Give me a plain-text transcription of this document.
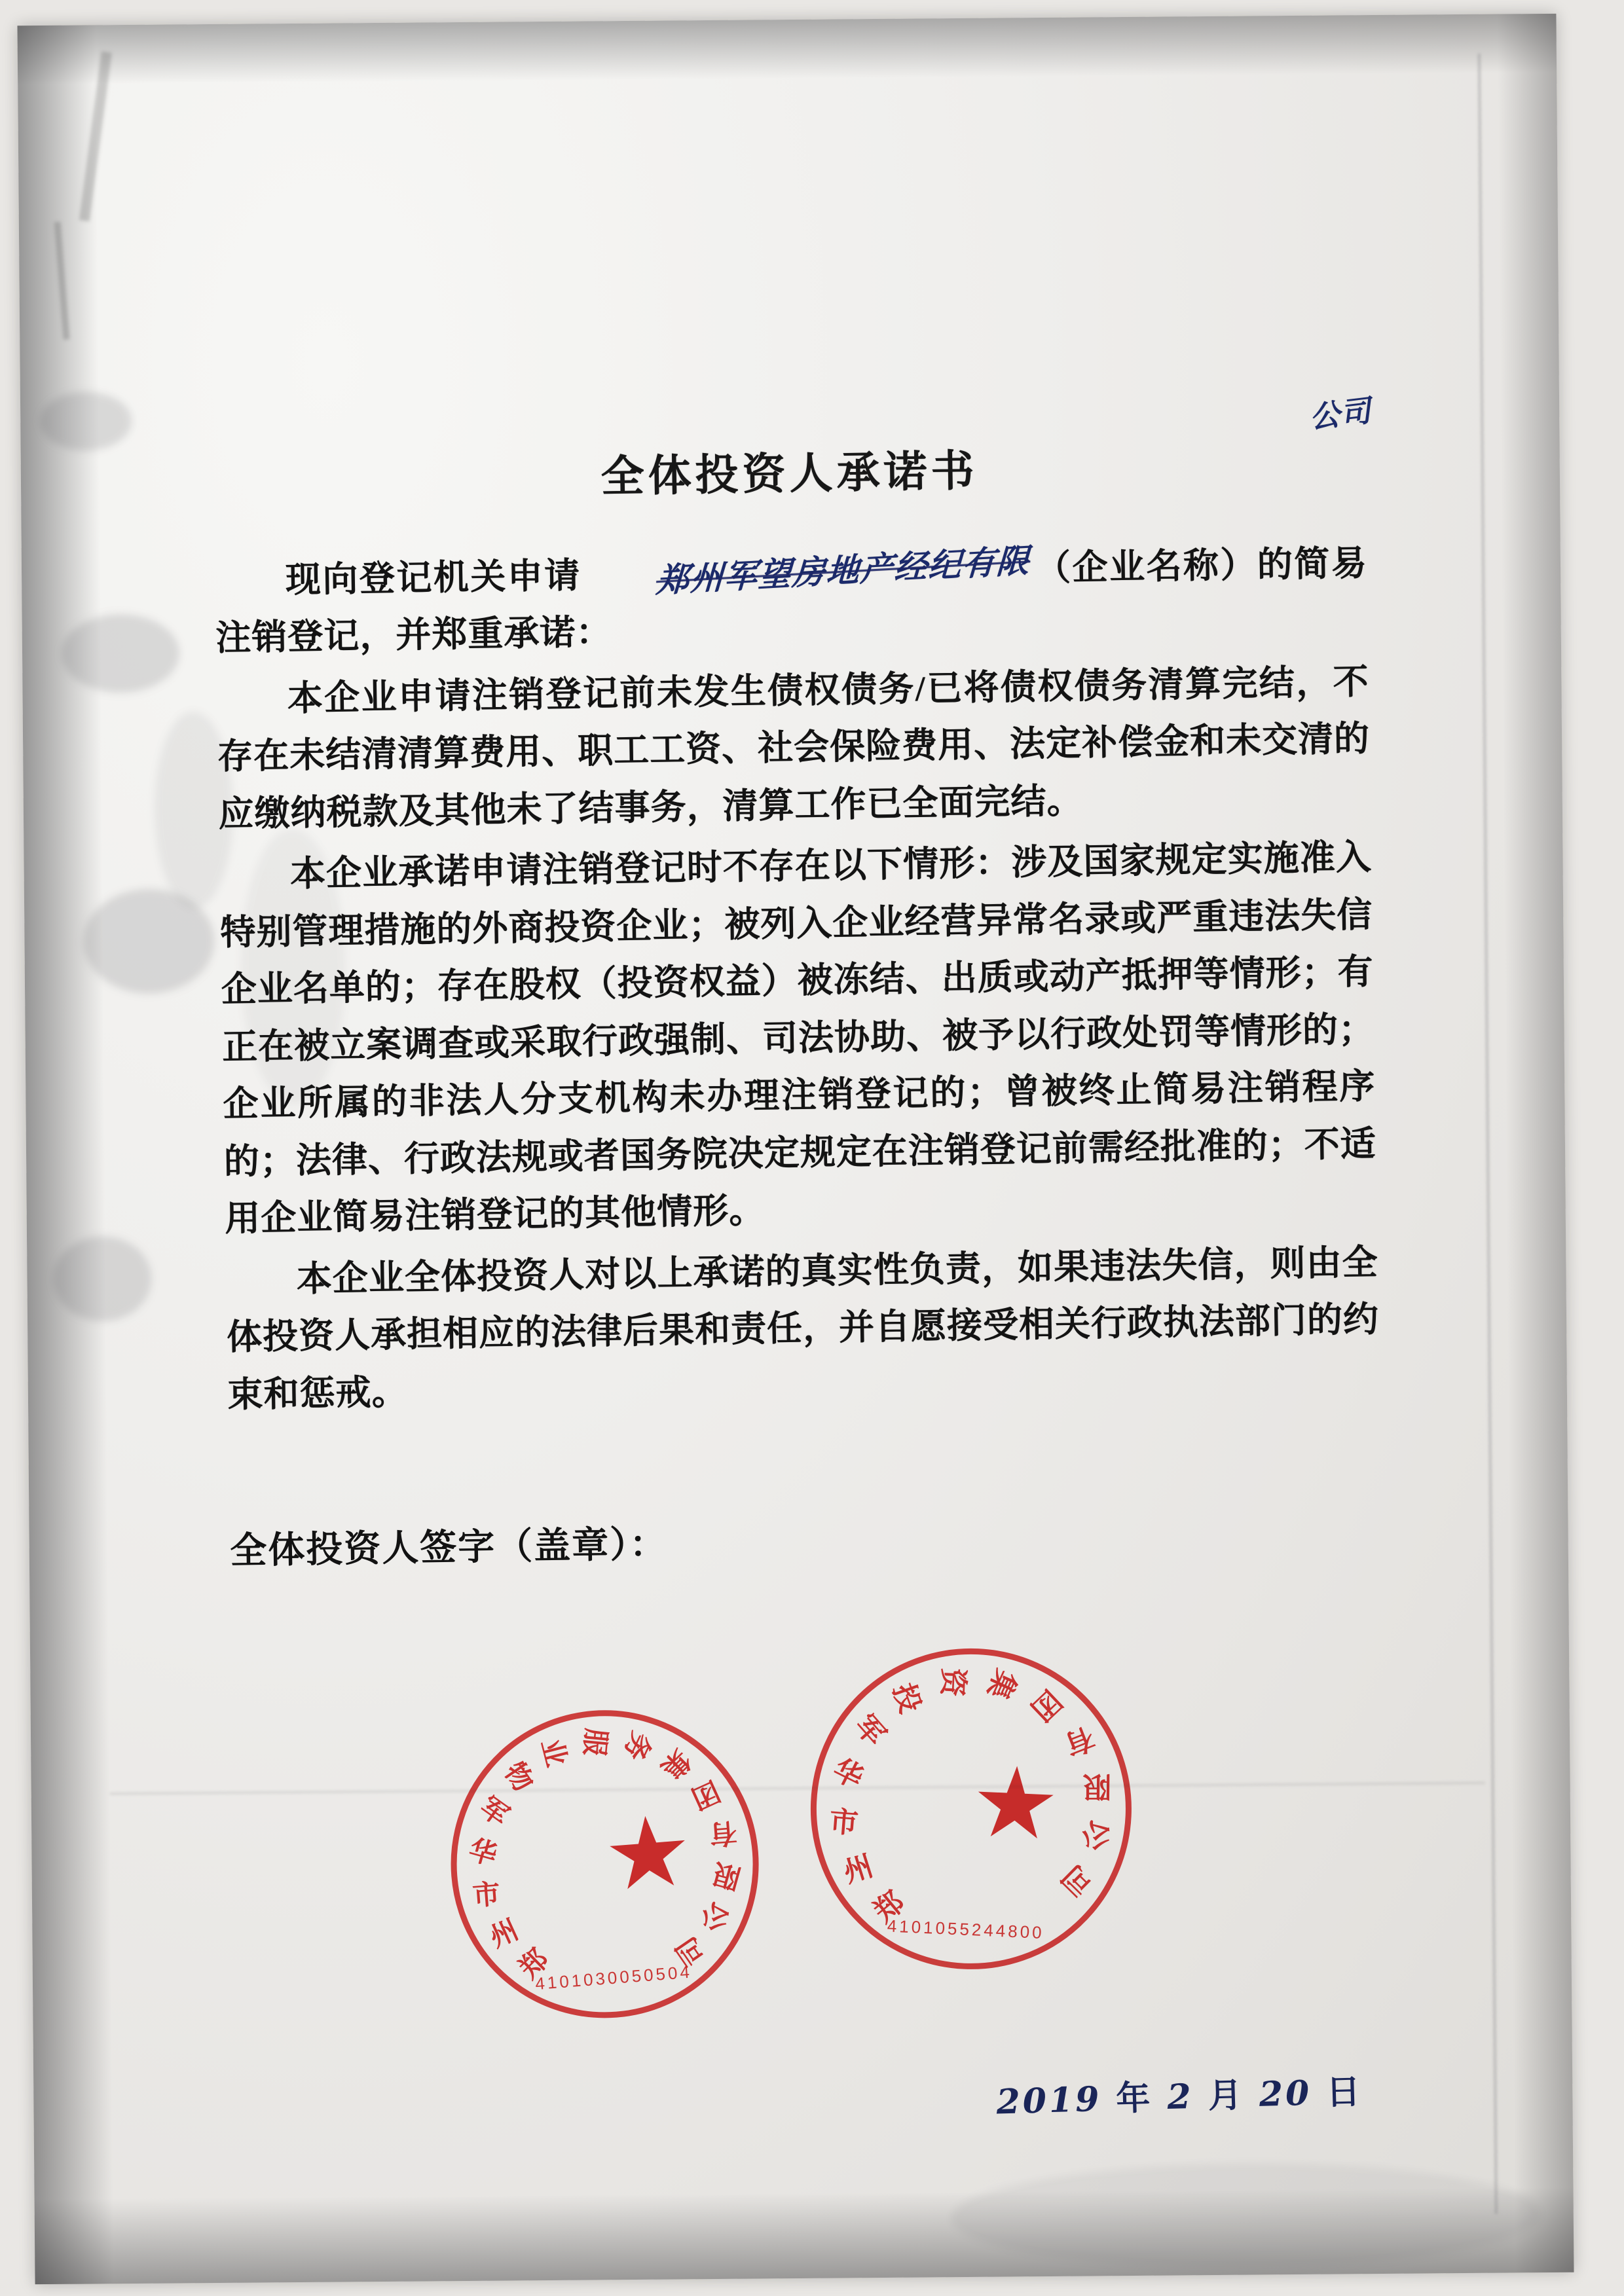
全体投资人承诺书

现向登记机关申请 郑州军望房地产经纪有限
公司
（企业名称）的简易注销登记，并郑重承诺：

本企业申请注销登记前未发生债权债务/已将债权债务清算完结，不存在未结清清算费用、职工工资、社会保险费用、法定补偿金和未交清的应缴纳税款及其他未了结事务，清算工作已全面完结。

本企业承诺申请注销登记时不存在以下情形：涉及国家规定实施准入特别管理措施的外商投资企业；被列入企业经营异常名录或严重违法失信企业名单的；存在股权（投资权益）被冻结、出质或动产抵押等情形；有正在被立案调查或采取行政强制、司法协助、被予以行政处罚等情形的；企业所属的非法人分支机构未办理注销登记的；曾被终止简易注销程序的；法律、行政法规或者国务院决定规定在注销登记前需经批准的；不适用企业简易注销登记的其他情形。

本企业全体投资人对以上承诺的真实性负责，如果违法失信，则由全体投资人承担相应的法律后果和责任，并自愿接受相关行政执法部门的约束和惩戒。

全体投资人签字（盖章）：
郑
州
市
华
军
物
业 服 务
集
团
有
限
公
司
★
4101030050504
郑
州
市
华
军
投 资 集 团
有
限
公
司
★
4101055244800
2019 年 2 月 20 日
